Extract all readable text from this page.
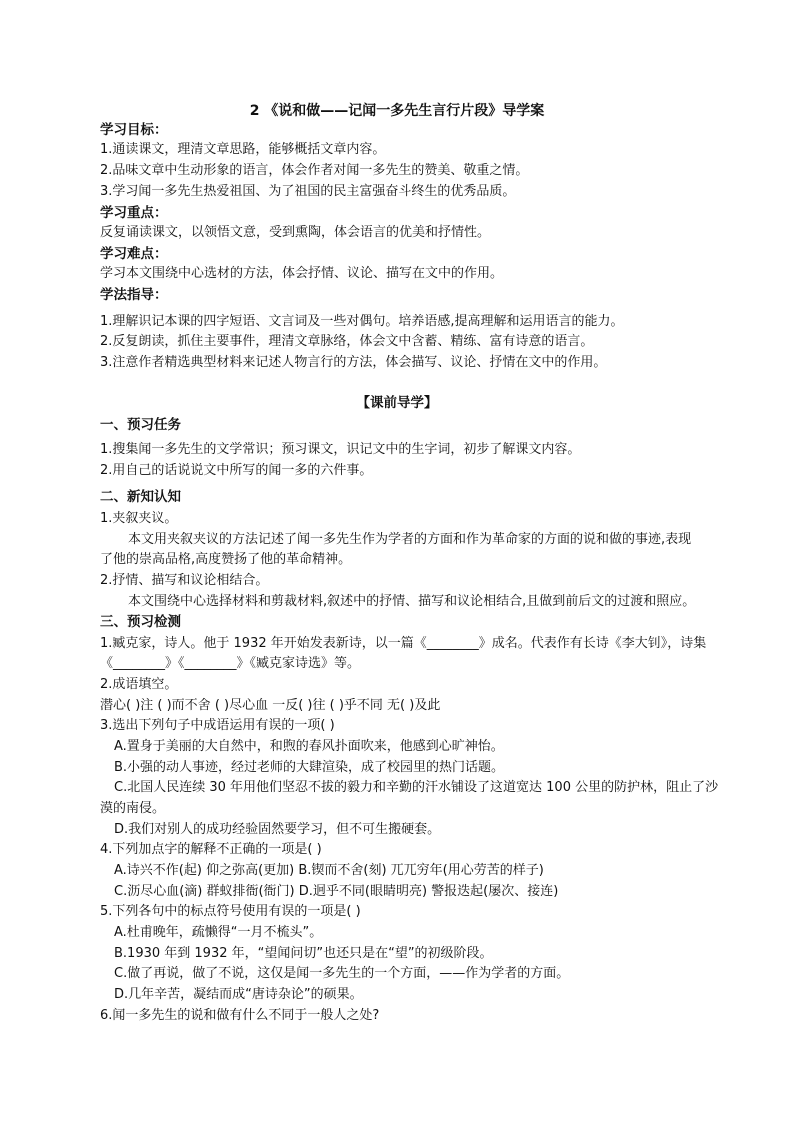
2 《说和做——记闻一多先生言行片段》导学案
学习目标：
1.通读课文，理清文章思路，能够概括文章内容。
2.品味文章中生动形象的语言，体会作者对闻一多先生的赞美、敬重之情。
3.学习闻一多先生热爱祖国、为了祖国的民主富强奋斗终生的优秀品质。
学习重点：
反复诵读课文，以领悟文意，受到熏陶，体会语言的优美和抒情性。
学习难点：
学习本文围绕中心选材的方法，体会抒情、议论、描写在文中的作用。
学法指导：
1.理解识记本课的四字短语、文言词及一些对偶句。培养语感,提高理解和运用语言的能力。
2.反复朗读，抓住主要事件，理清文章脉络，体会文中含蓄、精练、富有诗意的语言。
3.注意作者精选典型材料来记述人物言行的方法，体会描写、议论、抒情在文中的作用。
【课前导学】
一、预习任务
1.搜集闻一多先生的文学常识；预习课文，识记文中的生字词，初步了解课文内容。
2.用自己的话说说文中所写的闻一多的六件事。
二、新知认知
1.夹叙夹议。
本文用夹叙夹议的方法记述了闻一多先生作为学者的方面和作为革命家的方面的说和做的事迹,表现
了他的崇高品格,高度赞扬了他的革命精神。
2.抒情、描写和议论相结合。
本文围绕中心选择材料和剪裁材料,叙述中的抒情、描写和议论相结合,且做到前后文的过渡和照应。
三、预习检测
1.臧克家，诗人。他于 1932 年开始发表新诗，以一篇《________》成名。代表作有长诗《李大钊》，诗集
《________》《________》《臧克家诗选》等。
2.成语填空。
潜心( )注 ( )而不舍 ( )尽心血 一反( )往 ( )乎不同 无( )及此
3.选出下列句子中成语运用有误的一项( )
A.置身于美丽的大自然中，和煦的春风扑面吹来，他感到心旷神怡。
B.小强的动人事迹，经过老师的大肆渲染，成了校园里的热门话题。
C.北国人民连续 30 年用他们坚忍不拔的毅力和辛勤的汗水铺设了这道宽达 100 公里的防护林，阻止了沙
漠的南侵。
D.我们对别人的成功经验固然要学习，但不可生搬硬套。
4.下列加点字的解释不正确的一项是( )
A.诗兴不作(起) 仰之弥高(更加) B.锲而不舍(刻) 兀兀穷年(用心劳苦的样子)
C.沥尽心血(滴) 群蚁排衙(衙门) D.迥乎不同(眼睛明亮) 警报迭起(屡次、接连)
5.下列各句中的标点符号使用有误的一项是( )
A.杜甫晚年，疏懒得“一月不梳头”。
B.1930 年到 1932 年，“望闻问切”也还只是在“望”的初级阶段。
C.做了再说，做了不说，这仅是闻一多先生的一个方面，——作为学者的方面。
D.几年辛苦，凝结而成“唐诗杂论”的硕果。
6.闻一多先生的说和做有什么不同于一般人之处?
